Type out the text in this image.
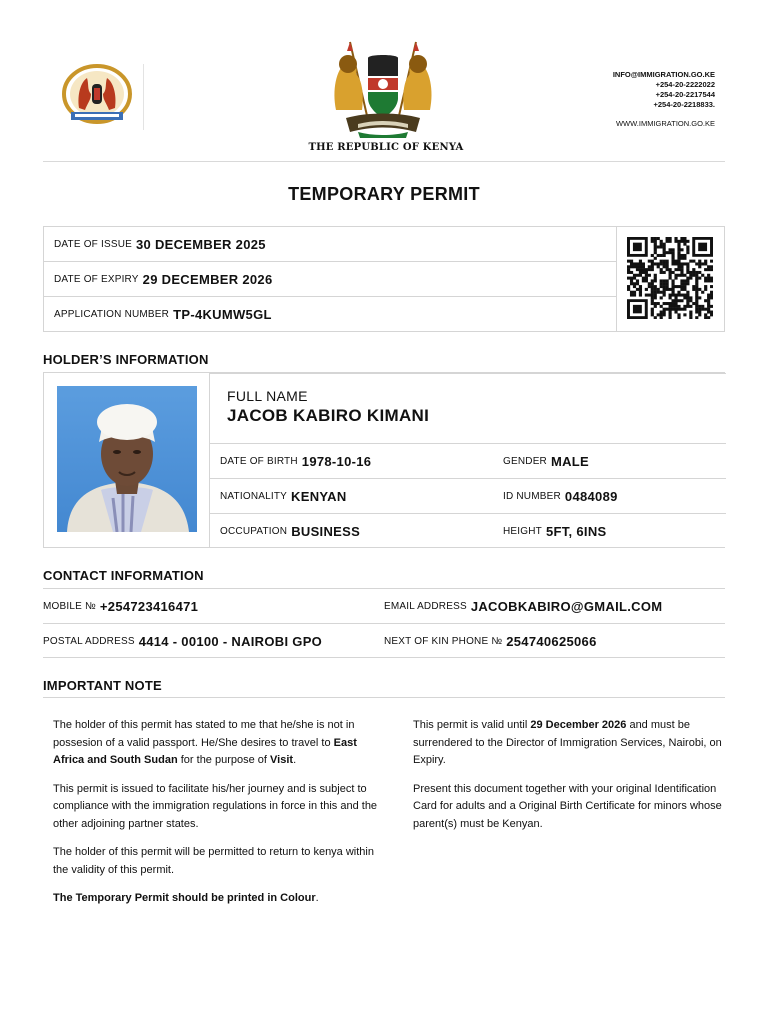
THE REPUBLIC OF KENYA
INFO@IMMIGRATION.GO.KE
+254-20-2222022
+254-20-2217544
+254-20-2218833.
WWW.IMMIGRATION.GO.KE
TEMPORARY PERMIT
DATE OF ISSUE 30 DECEMBER 2025
DATE OF EXPIRY 29 DECEMBER 2026
APPLICATION NUMBER TP-4KUMW5GL
HOLDER’S INFORMATION
FULL NAME
JACOB KABIRO KIMANI
DATE OF BIRTH 1978-10-16	GENDER MALE
NATIONALITY KENYAN	ID NUMBER 0484089
OCCUPATION BUSINESS	HEIGHT 5FT, 6INS
CONTACT INFORMATION
MOBILE № +254723416471	EMAIL ADDRESS JACOBKABIRO@GMAIL.COM
POSTAL ADDRESS 4414 - 00100 - NAIROBI GPO	NEXT OF KIN PHONE № 254740625066
IMPORTANT NOTE

The holder of this permit has stated to me that he/she is not in possesion of a valid passport. He/She desires to travel to East Africa and South Sudan for the purpose of Visit.

This permit is issued to facilitate his/her journey and is subject to compliance with the immigration regulations in force in this and the other adjoining partner states.

The holder of this permit will be permitted to return to kenya within the validity of this permit.

The Temporary Permit should be printed in Colour.

This permit is valid until 29 December 2026 and must be surrendered to the Director of Immigration Services, Nairobi, on Expiry.

Present this document together with your original Identification Card for adults and a Original Birth Certificate for minors whose parent(s) must be Kenyan.
